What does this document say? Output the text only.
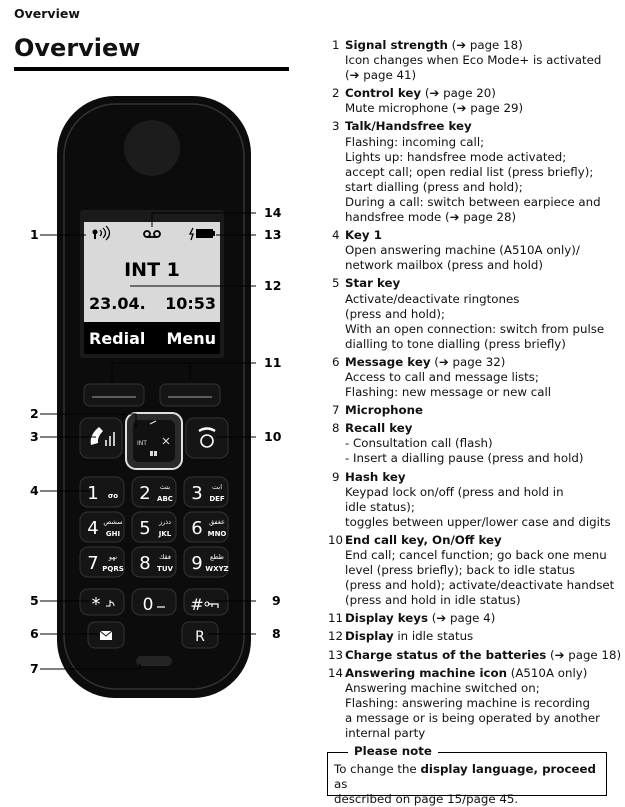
Overview
Overview
INT 1
23.04. 10:53
Redial Menu
INT
1 σο 2 بتث
ABC 3 ابت
DEF
4 سشص
GHI 5 دذرز
JKL 6 عغفق
MNO
7 نهو
PQRS 8 فقك
TUV 9 طظع
WXYZ
* 0 #
R
1
2
3
4
5
6
7
8
9
10
11
12
13
14
1 Signal strength (➔ page 18)
Icon changes when Eco Mode+ is activated
(➔ page 41)
2 Control key (➔ page 20)
Mute microphone (➔ page 29)
3 Talk/Handsfree key
Flashing: incoming call;
Lights up: handsfree mode activated;
accept call; open redial list (press briefly);
start dialling (press and hold);
During a call: switch between earpiece and
handsfree mode (➔ page 28)
4 Key 1
Open answering machine (A510A only)/
network mailbox (press and hold)
5 Star key
Activate/deactivate ringtones
(press and hold);
With an open connection: switch from pulse
dialling to tone dialling (press briefly)
6 Message key (➔ page 32)
Access to call and message lists;
Flashing: new message or new call
7 Microphone
8 Recall key
- Consultation call (flash)
- Insert a dialling pause (press and hold)
9 Hash key
Keypad lock on/off (press and hold in
idle status);
toggles between upper/lower case and digits
10 End call key, On/Off key
End call; cancel function; go back one menu
level (press briefly); back to idle status
(press and hold); activate/deactivate handset
(press and hold in idle status)
11 Display keys (➔ page 4)
12 Display in idle status
13 Charge status of the batteries (➔ page 18)
14 Answering machine icon (A510A only)
Answering machine switched on;
Flashing: answering machine is recording
a message or is being operated by another
internal party
Please note
To change the display language, proceed as
described on page 15/page 45.
